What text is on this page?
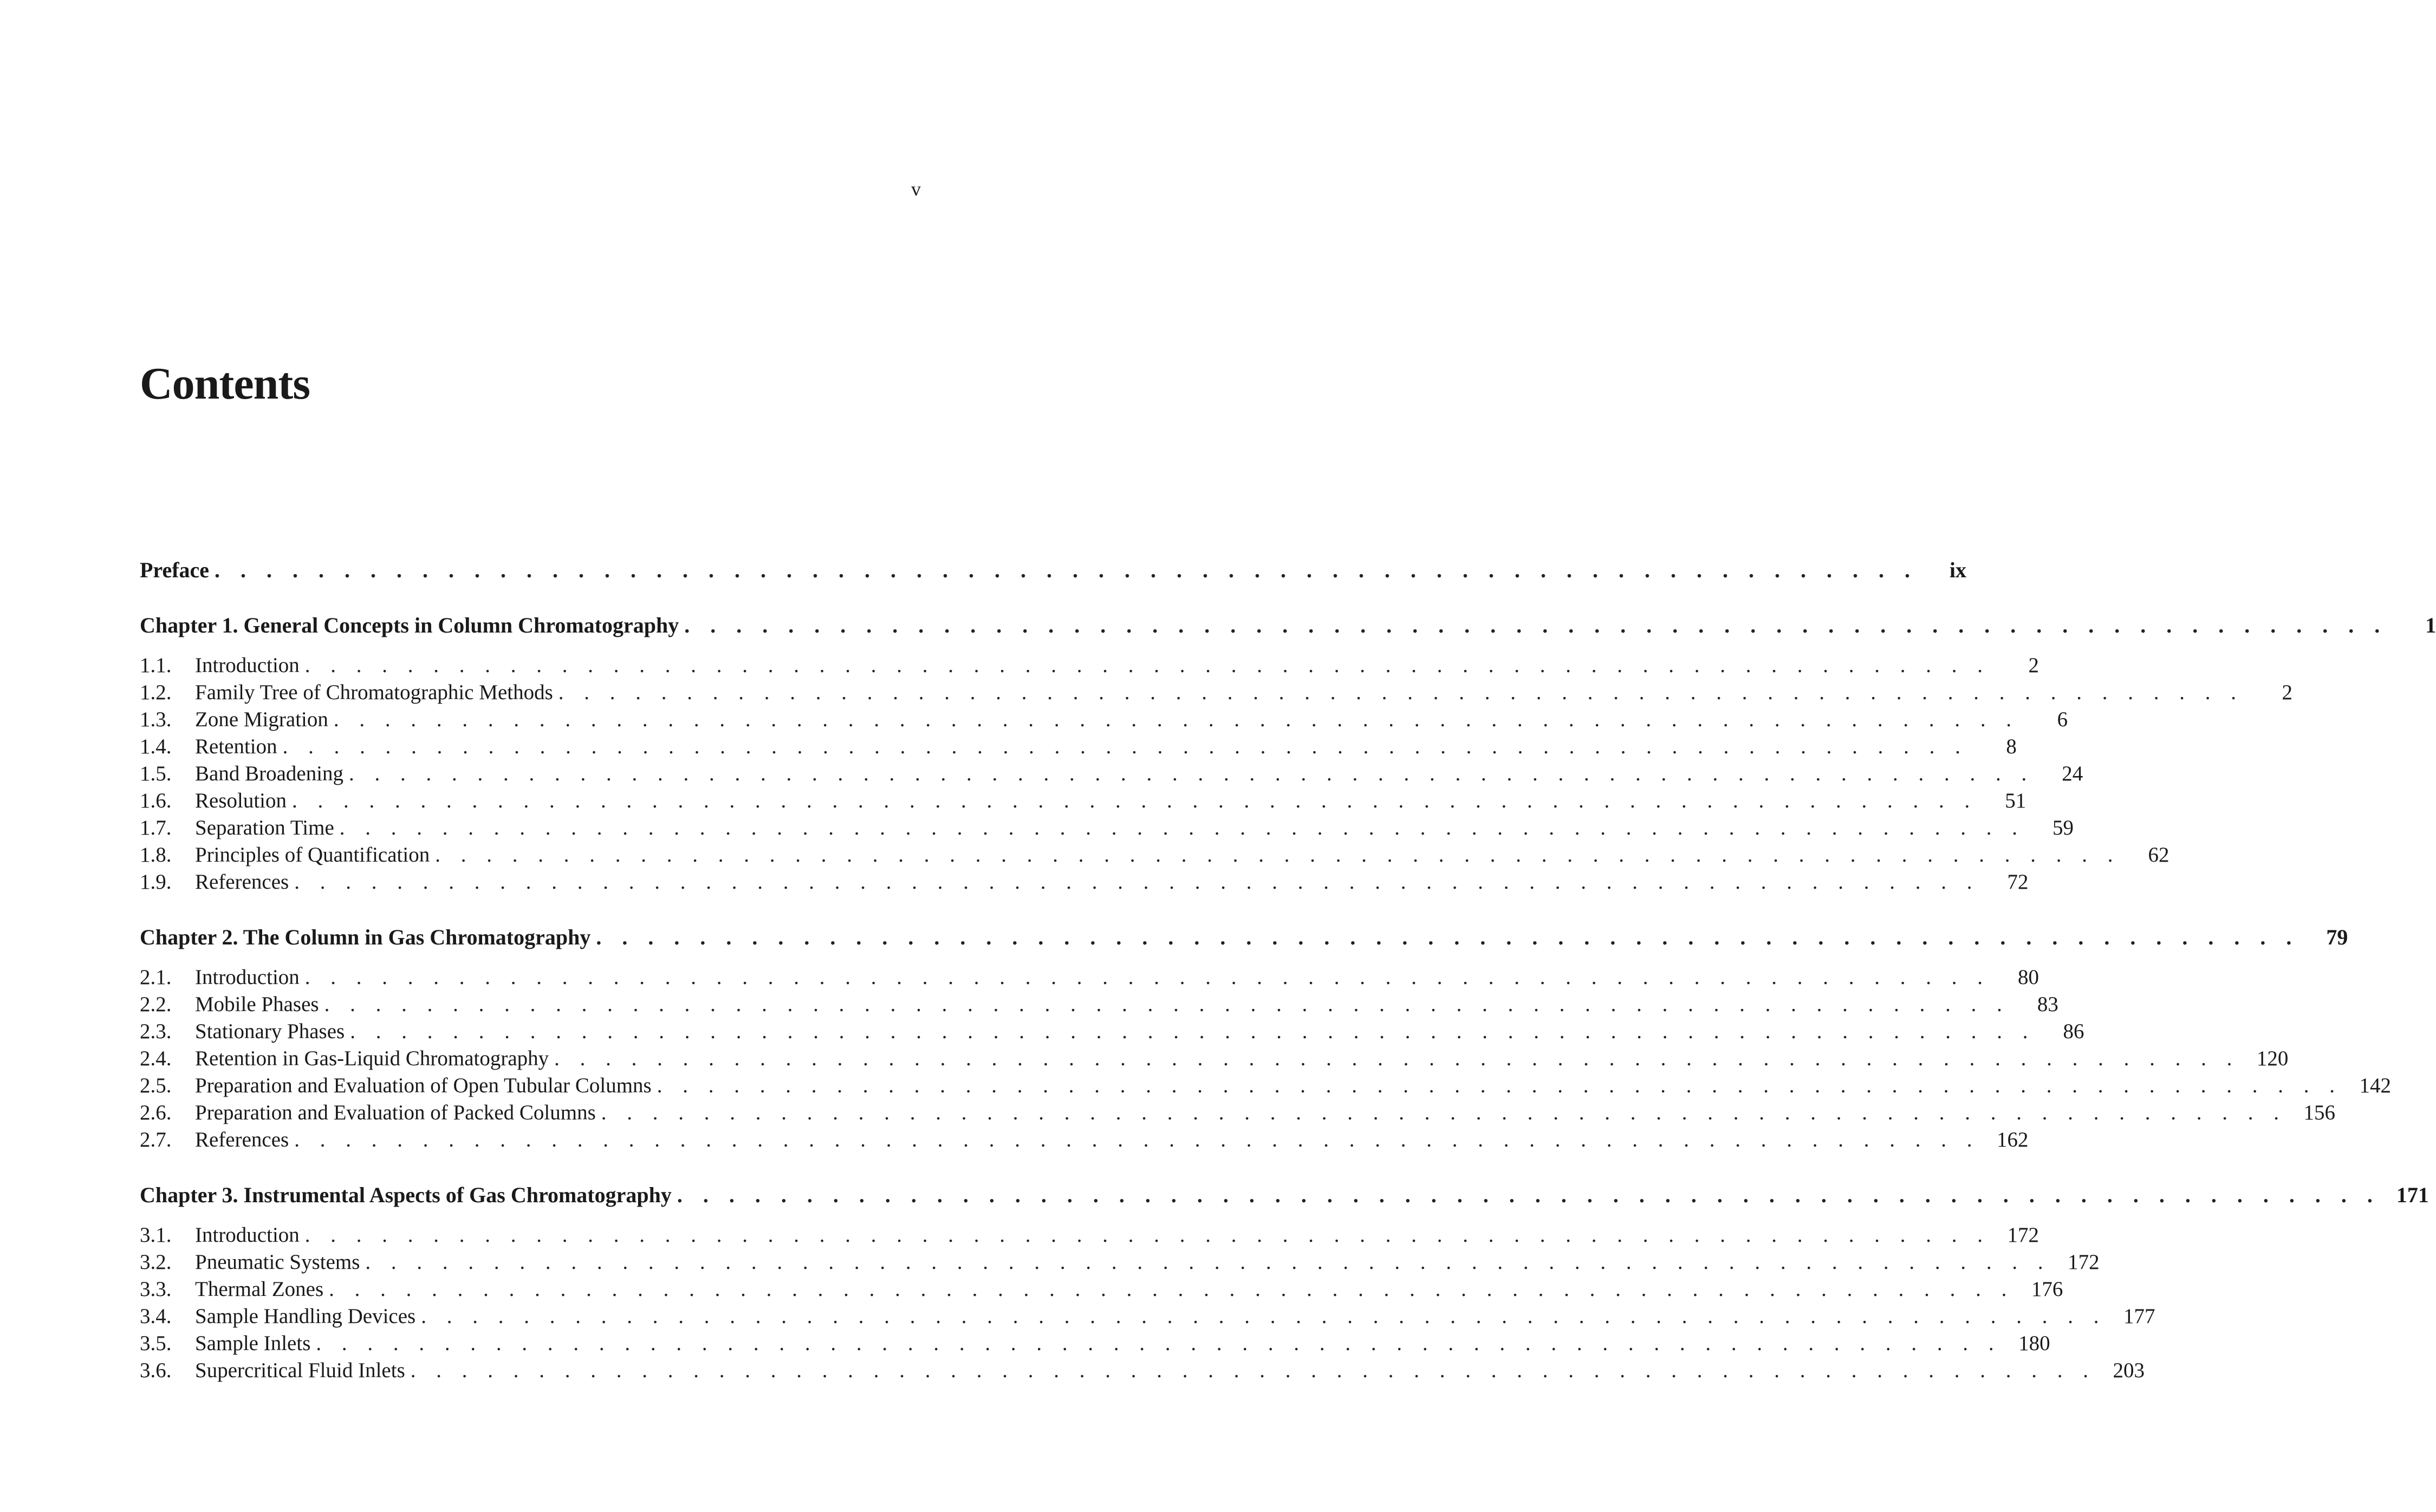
v
Contents
Preface . . . . . . . . . . . . . . . . . . . . . . . . . . . . . . . . . . . . . . . . . . . . . . . . . . . . . . . . . . . . . . . . . .	ix
Chapter 1. General Concepts in Column Chromatography . . . . . . . . . . . . . . . . . . . . . . . . . . . . . . . . . . . . . . . . . . . . . . . . . . . . . . . . . . . . . . . . . .	1
1.1.	Introduction . . . . . . . . . . . . . . . . . . . . . . . . . . . . . . . . . . . . . . . . . . . . . . . . . . . . . . . . . . . . . . . . . .	2
1.2.	Family Tree of Chromatographic Methods . . . . . . . . . . . . . . . . . . . . . . . . . . . . . . . . . . . . . . . . . . . . . . . . . . . . . . . . . . . . . . . . . .	2
1.3.	Zone Migration . . . . . . . . . . . . . . . . . . . . . . . . . . . . . . . . . . . . . . . . . . . . . . . . . . . . . . . . . . . . . . . . . .	6
1.4.	Retention . . . . . . . . . . . . . . . . . . . . . . . . . . . . . . . . . . . . . . . . . . . . . . . . . . . . . . . . . . . . . . . . . .	8
1.5.	Band Broadening . . . . . . . . . . . . . . . . . . . . . . . . . . . . . . . . . . . . . . . . . . . . . . . . . . . . . . . . . . . . . . . . . .	24
1.6.	Resolution . . . . . . . . . . . . . . . . . . . . . . . . . . . . . . . . . . . . . . . . . . . . . . . . . . . . . . . . . . . . . . . . . .	51
1.7.	Separation Time . . . . . . . . . . . . . . . . . . . . . . . . . . . . . . . . . . . . . . . . . . . . . . . . . . . . . . . . . . . . . . . . . .	59
1.8.	Principles of Quantification . . . . . . . . . . . . . . . . . . . . . . . . . . . . . . . . . . . . . . . . . . . . . . . . . . . . . . . . . . . . . . . . . .	62
1.9.	References . . . . . . . . . . . . . . . . . . . . . . . . . . . . . . . . . . . . . . . . . . . . . . . . . . . . . . . . . . . . . . . . . .	72
Chapter 2. The Column in Gas Chromatography . . . . . . . . . . . . . . . . . . . . . . . . . . . . . . . . . . . . . . . . . . . . . . . . . . . . . . . . . . . . . . . . . .	79
2.1.	Introduction . . . . . . . . . . . . . . . . . . . . . . . . . . . . . . . . . . . . . . . . . . . . . . . . . . . . . . . . . . . . . . . . . .	80
2.2.	Mobile Phases . . . . . . . . . . . . . . . . . . . . . . . . . . . . . . . . . . . . . . . . . . . . . . . . . . . . . . . . . . . . . . . . . .	83
2.3.	Stationary Phases . . . . . . . . . . . . . . . . . . . . . . . . . . . . . . . . . . . . . . . . . . . . . . . . . . . . . . . . . . . . . . . . . .	86
2.4.	Retention in Gas-Liquid Chromatography . . . . . . . . . . . . . . . . . . . . . . . . . . . . . . . . . . . . . . . . . . . . . . . . . . . . . . . . . . . . . . . . . . 120
2.5.	Preparation and Evaluation of Open Tubular Columns . . . . . . . . . . . . . . . . . . . . . . . . . . . . . . . . . . . . . . . . . . . . . . . . . . . . . . . . . . . . . . . . . . 142
2.6.	Preparation and Evaluation of Packed Columns . . . . . . . . . . . . . . . . . . . . . . . . . . . . . . . . . . . . . . . . . . . . . . . . . . . . . . . . . . . . . . . . . . 156
2.7.	References . . . . . . . . . . . . . . . . . . . . . . . . . . . . . . . . . . . . . . . . . . . . . . . . . . . . . . . . . . . . . . . . . . 162
Chapter 3. Instrumental Aspects of Gas Chromatography . . . . . . . . . . . . . . . . . . . . . . . . . . . . . . . . . . . . . . . . . . . . . . . . . . . . . . . . . . . . . . . . . . 171
3.1.	Introduction . . . . . . . . . . . . . . . . . . . . . . . . . . . . . . . . . . . . . . . . . . . . . . . . . . . . . . . . . . . . . . . . . . 172
3.2.	Pneumatic Systems . . . . . . . . . . . . . . . . . . . . . . . . . . . . . . . . . . . . . . . . . . . . . . . . . . . . . . . . . . . . . . . . . . 172
3.3.	Thermal Zones . . . . . . . . . . . . . . . . . . . . . . . . . . . . . . . . . . . . . . . . . . . . . . . . . . . . . . . . . . . . . . . . . . 176
3.4.	Sample Handling Devices . . . . . . . . . . . . . . . . . . . . . . . . . . . . . . . . . . . . . . . . . . . . . . . . . . . . . . . . . . . . . . . . . . 177
3.5.	Sample Inlets . . . . . . . . . . . . . . . . . . . . . . . . . . . . . . . . . . . . . . . . . . . . . . . . . . . . . . . . . . . . . . . . . . 180
3.6.	Supercritical Fluid Inlets . . . . . . . . . . . . . . . . . . . . . . . . . . . . . . . . . . . . . . . . . . . . . . . . . . . . . . . . . . . . . . . . . . 203
